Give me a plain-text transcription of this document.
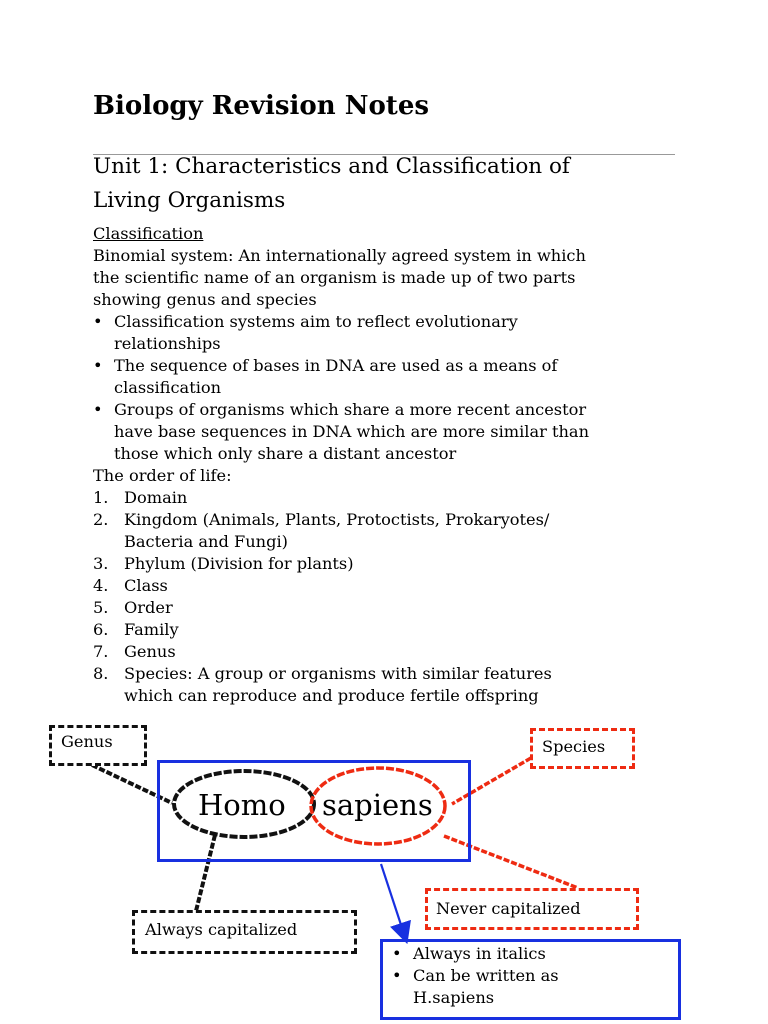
Biology Revision Notes
Unit 1: Characteristics and Classification of
Living Organisms
Classification
Binomial system: An internationally agreed system in which
the scientific name of an organism is made up of two parts
showing genus and species
• Classification systems aim to reflect evolutionary
relationships
• The sequence of bases in DNA are used as a means of
classification
• Groups of organisms which share a more recent ancestor
have base sequences in DNA which are more similar than
those which only share a distant ancestor
The order of life:
1. Domain
2. Kingdom (Animals, Plants, Protoctists, Prokaryotes/
Bacteria and Fungi)
3. Phylum (Division for plants)
4. Class
5. Order
6. Family
7. Genus
8. Species: A group or organisms with similar features
which can reproduce and produce fertile offspring
Homo sapiens
Genus	Species
Never capitalized
Always capitalized
• Always in italics
• Can be written as
H.sapiens
